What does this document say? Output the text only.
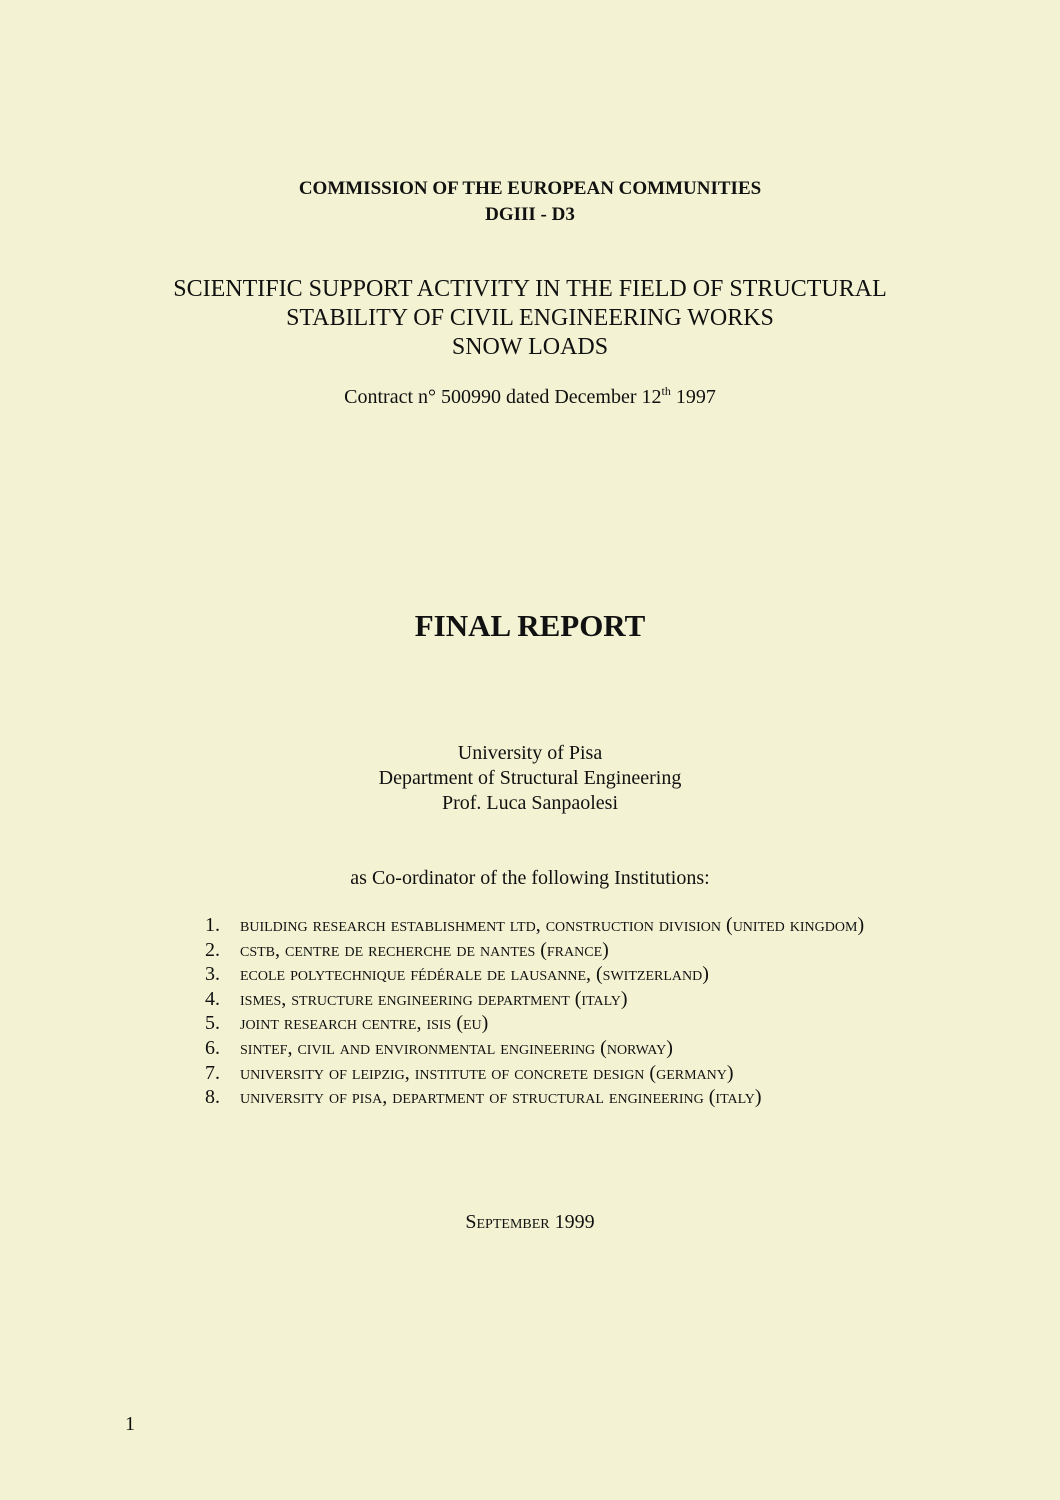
COMMISSION OF THE EUROPEAN COMMUNITIES
DGIII - D3
SCIENTIFIC SUPPORT ACTIVITY IN THE FIELD OF STRUCTURAL
STABILITY OF CIVIL ENGINEERING WORKS
SNOW LOADS
Contract n° 500990 dated December 12th 1997
FINAL REPORT
University of Pisa
Department of Structural Engineering
Prof. Luca Sanpaolesi
as Co-ordinator of the following Institutions:
1.	building research establishment ltd, construction division (united kingdom)
2.	cstb, centre de recherche de nantes (france)
3.	ecole polytechnique fédérale de lausanne, (switzerland)
4.	ismes, structure engineering department (italy)
5.	joint research centre, isis (eu)
6.	sintef, civil and environmental engineering (norway)
7.	university of leipzig, institute of concrete design (germany)
8.	university of pisa, department of structural engineering (italy)
September 1999
1
